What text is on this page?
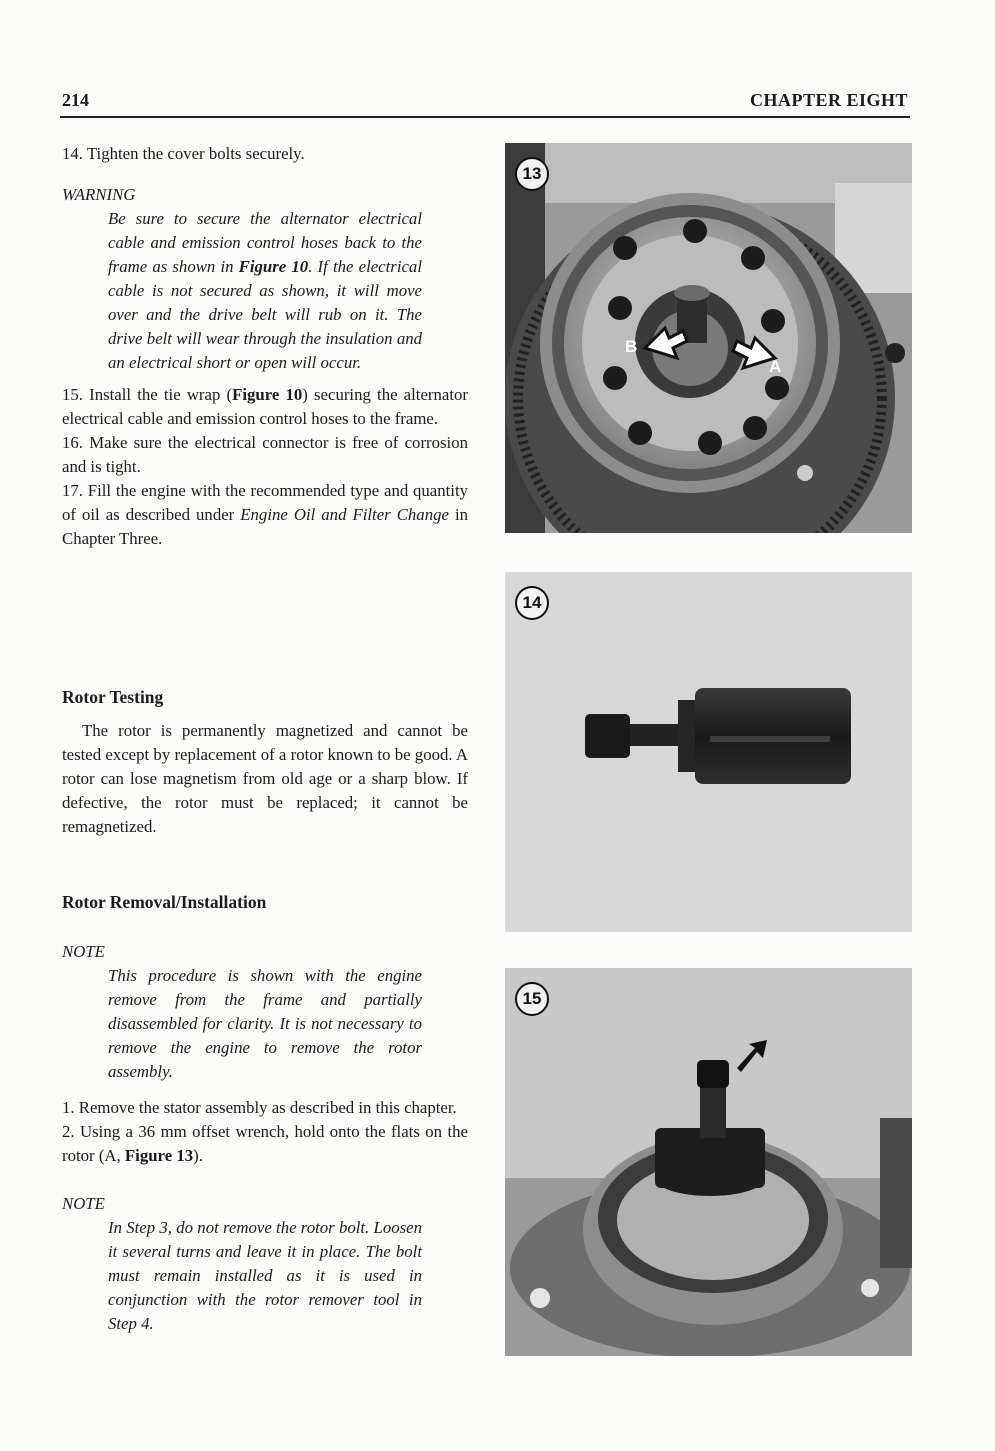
214	CHAPTER EIGHT

14. Tighten the cover bolts securely.

WARNING

Be sure to secure the alternator electrical cable and emission control hoses back to the frame as shown in Figure 10. If the electrical cable is not secured as shown, it will move over and the drive belt will rub on it. The drive belt will wear through the insulation and an electrical short or open will occur.

15. Install the tie wrap (Figure 10) securing the alternator electrical cable and emission control hoses to the frame.

16. Make sure the electrical connector is free of corrosion and is tight.

17. Fill the engine with the recommended type and quantity of oil as described under Engine Oil and Filter Change in Chapter Three.

Rotor Testing

The rotor is permanently magnetized and cannot be tested except by replacement of a rotor known to be good. A rotor can lose magnetism from old age or a sharp blow. If defective, the rotor must be replaced; it cannot be remagnetized.

Rotor Removal/Installation

NOTE

This procedure is shown with the engine remove from the frame and partially disassembled for clarity. It is not necessary to remove the engine to remove the rotor assembly.

1. Remove the stator assembly as described in this chapter.

2. Using a 36 mm offset wrench, hold onto the flats on the rotor (A, Figure 13).

NOTE

In Step 3, do not remove the rotor bolt. Loosen it several turns and leave it in place. The bolt must remain installed as it is used in conjunction with the rotor remover tool in Step 4.

13
B
A
14
15
